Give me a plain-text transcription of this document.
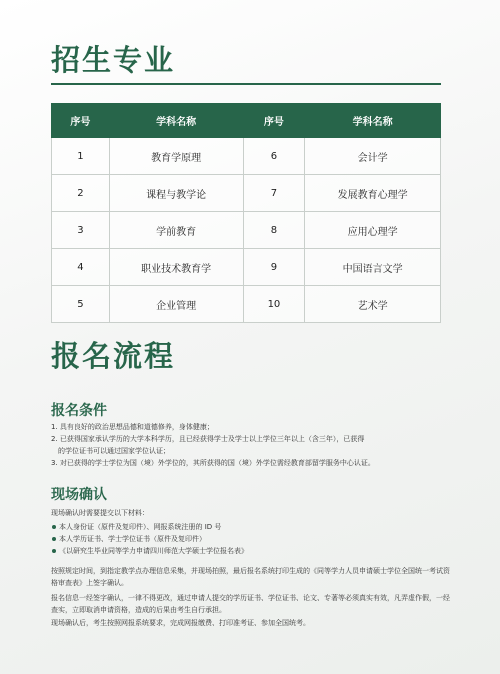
招生专业
序号	学科名称	序号	学科名称
1	教育学原理	6	会计学
2	课程与教学论	7	发展教育心理学
3	学前教育	8	应用心理学
4	职业技术教育学	9	中国语言文学
5	企业管理	10	艺术学
报名流程
报名条件
1. 具有良好的政治思想品德和道德修养，身体健康；
2. 已获得国家承认学历的大学本科学历，且已经获得学士及学士以上学位三年以上（含三年），已获得
的学位证书可以通过国家学位认证；
3. 对已获得的学士学位为国（境）外学位的，其所获得的国（境）外学位需经教育部留学服务中心认证。
现场确认
现场确认时需要提交以下材料：
本人身份证（原件及复印件）、网报系统注册的 ID 号
本人学历证书、学士学位证书（原件及复印件）
《以研究生毕业同等学力申请四川师范大学硕士学位报名表》
按照规定时间，到指定教学点办理信息采集，并现场拍照，最后报名系统打印生成的《同等学力人员申请硕士学位全国统一考试资格审查表》上签字确认。
报名信息一经签字确认，一律不得更改，通过申请人提交的学历证书、学位证书、论文、专著等必须真实有效，凡弄虚作假，一经查实，立即取消申请资格，造成的后果由考生自行承担。
现场确认后，考生按照网报系统要求，完成网报缴费、打印准考证、参加全国统考。
